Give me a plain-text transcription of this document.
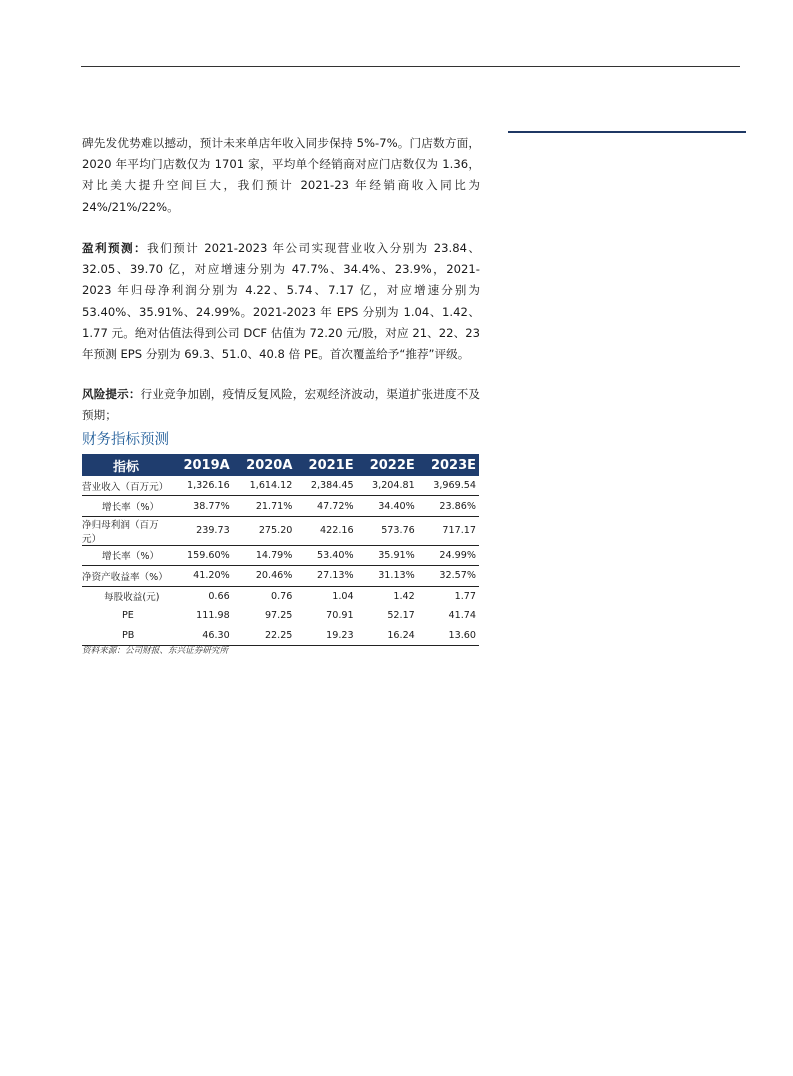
碑先发优势难以撼动，预计未来单店年收入同步保持 5%-7%。门店数方面，2020 年平均门店数仅为 1701 家，平均单个经销商对应门店数仅为 1.36，对比美大提升空间巨大，我们预计 2021-23 年经销商收入同比为 24%/21%/22%。
盈利预测：我们预计 2021-2023 年公司实现营业收入分别为 23.84、32.05、39.70 亿，对应增速分别为 47.7%、34.4%、23.9%，2021-2023 年归母净利润分别为 4.22、5.74、7.17 亿，对应增速分别为 53.40%、35.91%、24.99%。2021-2023 年 EPS 分别为 1.04、1.42、1.77 元。绝对估值法得到公司 DCF 估值为 72.20 元/股，对应 21、22、23 年预测 EPS 分别为 69.3、51.0、40.8 倍 PE。首次覆盖给予“推荐”评级。
风险提示：行业竞争加剧，疫情反复风险，宏观经济波动，渠道扩张进度不及预期；
财务指标预测
指标	2019A	2020A	2021E	2022E	2023E
营业收入（百万元）	1,326.16	1,614.12	2,384.45	3,204.81	3,969.54
增长率（%）	38.77%	21.71%	47.72%	34.40%	23.86%
净归母利润（百万元）	239.73	275.20	422.16	573.76	717.17
增长率（%）	159.60%	14.79%	53.40%	35.91%	24.99%
净资产收益率（%）	41.20%	20.46%	27.13%	31.13%	32.57%
每股收益(元)	0.66	0.76	1.04	1.42	1.77
PE	111.98	97.25	70.91	52.17	41.74
PB	46.30	22.25	19.23	16.24	13.60
资料来源：公司财报、东兴证券研究所
